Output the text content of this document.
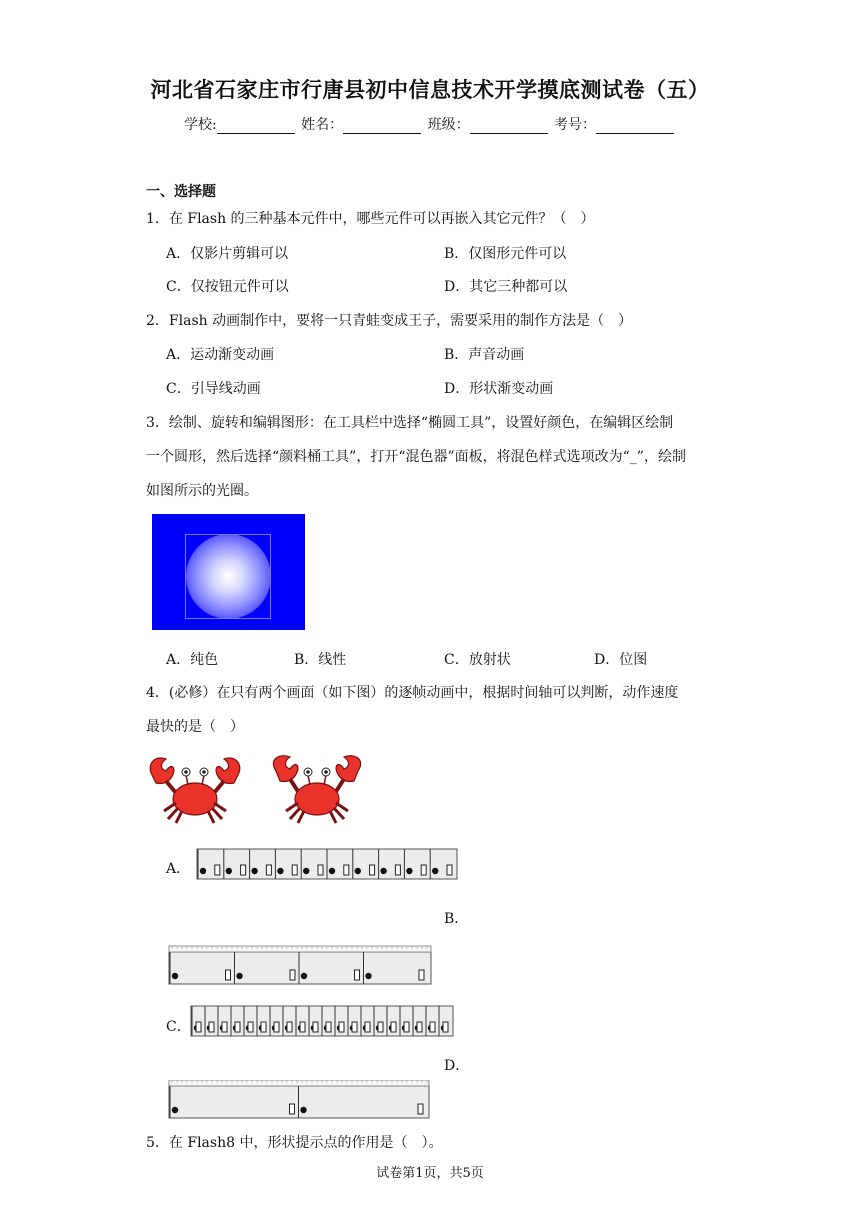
河北省石家庄市行唐县初中信息技术开学摸底测试卷（五）
学校:	姓名：	班级：	考号：
一、选择题
1．在 Flash 的三种基本元件中，哪些元件可以再嵌入其它元件？（　）
A．仅影片剪辑可以	B．仅图形元件可以
C．仅按钮元件可以	D．其它三种都可以
2．Flash 动画制作中，要将一只青蛙变成王子，需要采用的制作方法是（　）
A．运动渐变动画	B．声音动画
C．引导线动画	D．形状渐变动画
3．绘制、旋转和编辑图形：在工具栏中选择“椭圆工具”，设置好颜色，在编辑区绘制
一个圆形，然后选择“颜料桶工具”，打开“混色器”面板，将混色样式选项改为“_”，绘制
如图所示的光圈。
A．纯色	B．线性	C．放射状	D．位图
4．(必修）在只有两个画面（如下图）的逐帧动画中，根据时间轴可以判断，动作速度
最快的是（　）
A．
B．
C．
D．
5．在 Flash8 中，形状提示点的作用是（　）。
试卷第1页，共5页
